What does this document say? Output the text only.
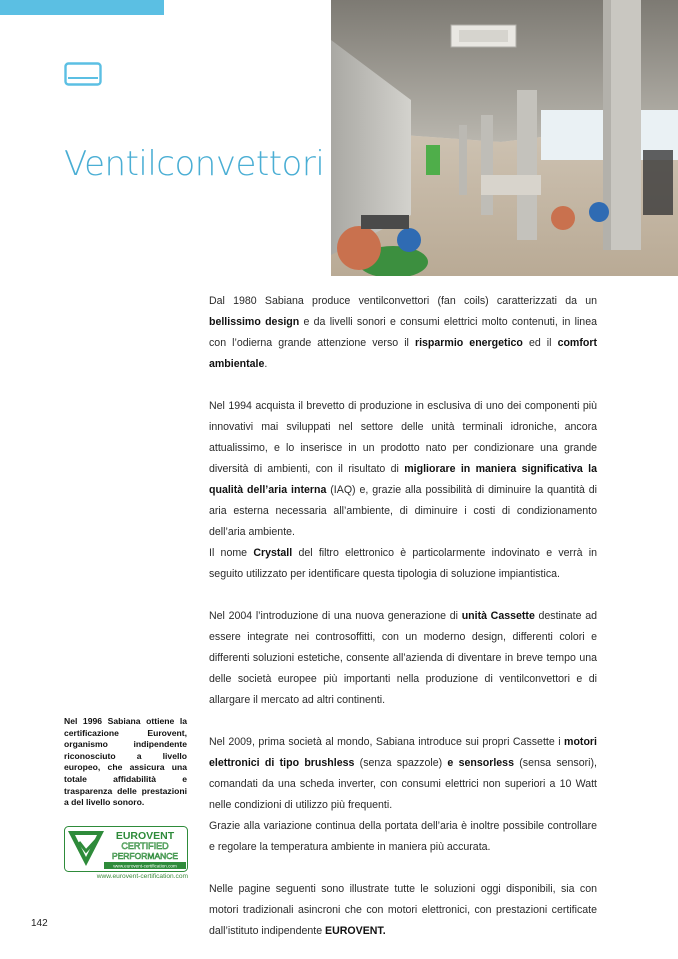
Ventilconvettori

Dal 1980 Sabiana produce ventilconvettori (fan coils) caratterizzati da un bellissimo design e da livelli sonori e consumi elettrici molto contenuti, in linea con l’odierna grande attenzione verso il risparmio energetico ed il comfort ambientale.

Nel 1994 acquista il brevetto di produzione in esclusiva di uno dei componenti più innovativi mai sviluppati nel settore delle unità terminali idroniche, ancora attualissimo, e lo inserisce in un prodotto nato per condizionare una grande diversità di ambienti, con il risultato di migliorare in maniera significativa la qualità dell’aria interna (IAQ) e, grazie alla possibilità di diminuire la quantità di aria esterna necessaria all’ambiente, di diminuire i costi di condizionamento dell’aria ambiente.

Il nome Crystall del filtro elettronico è particolarmente indovinato e verrà in seguito utilizzato per identificare questa tipologia di soluzione impiantistica.

Nel 2004 l’introduzione di una nuova generazione di unità Cassette destinate ad essere integrate nei controsoffitti, con un moderno design, differenti colori e differenti soluzioni estetiche, consente all’azienda di diventare in breve tempo una delle società europee più importanti nella produzione di ventilconvettori e di allargare il mercato ad altri continenti.

Nel 2009, prima società al mondo, Sabiana introduce sui propri Cassette i motori elettronici di tipo brushless (senza spazzole) e sensorless (sensa sensori), comandati da una scheda inverter, con consumi elettrici non superiori a 10 Watt nelle condizioni di utilizzo più frequenti.

Grazie alla variazione continua della portata dell’aria è inoltre possibile controllare e regolare la temperatura ambiente in maniera più accurata.

Nelle pagine seguenti sono illustrate tutte le soluzioni oggi disponibili, sia con motori tradizionali asincroni che con motori elettronici, con prestazioni certificate dall’istituto indipendente EUROVENT.

Nel 1996 Sabiana ottiene la certificazione Eurovent, organismo indipendente riconosciuto a livello europeo, che assicura una totale affidabilità e trasparenza delle prestazioni a del livello sonoro.

EUROVENT
CERTIFIED
PERFORMANCE
www.eurovent-certification.com

www.eurovent-certification.com

142
